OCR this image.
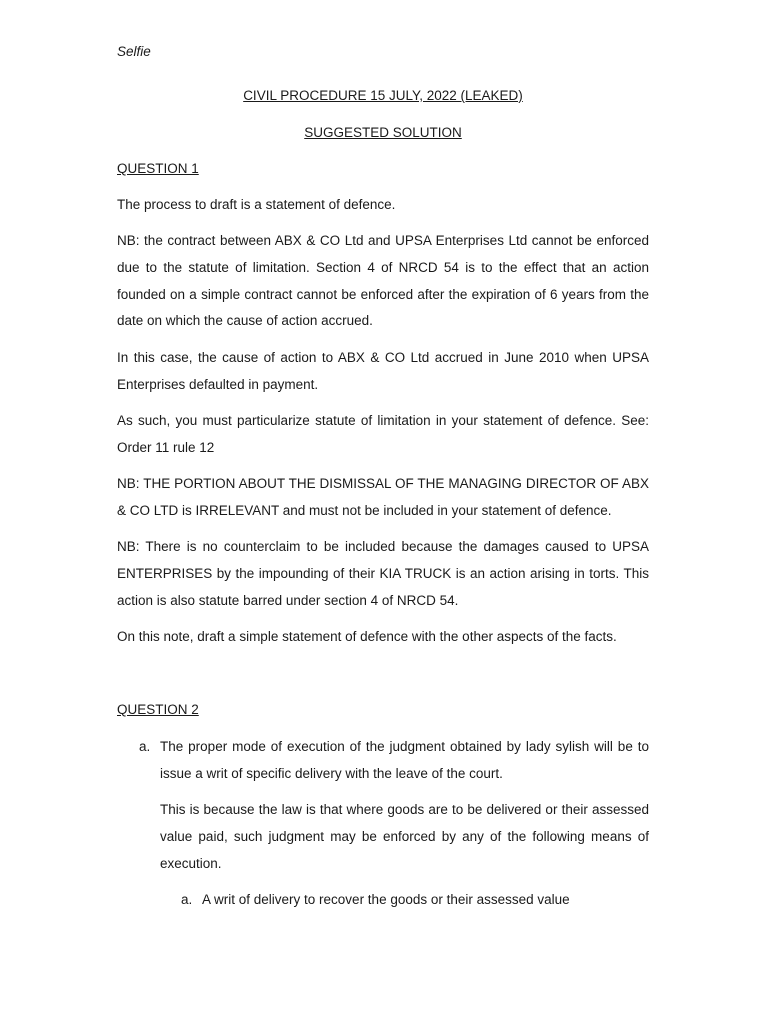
Selfie
CIVIL PROCEDURE 15 JULY, 2022 (LEAKED)
SUGGESTED SOLUTION
QUESTION 1
The process to draft is a statement of defence.
NB: the contract between ABX & CO Ltd and UPSA Enterprises Ltd cannot be enforced due to the statute of limitation. Section 4 of NRCD 54 is to the effect that an action founded on a simple contract cannot be enforced after the expiration of 6 years from the date on which the cause of action accrued.
In this case, the cause of action to ABX & CO Ltd accrued in June 2010 when UPSA Enterprises defaulted in payment.
As such, you must particularize statute of limitation in your statement of defence. See: Order 11 rule 12
NB: THE PORTION ABOUT THE DISMISSAL OF THE MANAGING DIRECTOR OF ABX & CO LTD is IRRELEVANT and must not be included in your statement of defence.
NB: There is no counterclaim to be included because the damages caused to UPSA ENTERPRISES by the impounding of their KIA TRUCK is an action arising in torts. This action is also statute barred under section 4 of NRCD 54.
On this note, draft a simple statement of defence with the other aspects of the facts.
QUESTION 2
a. The proper mode of execution of the judgment obtained by lady sylish will be to issue a writ of specific delivery with the leave of the court.
This is because the law is that where goods are to be delivered or their assessed value paid, such judgment may be enforced by any of the following means of execution.
a. A writ of delivery to recover the goods or their assessed value
